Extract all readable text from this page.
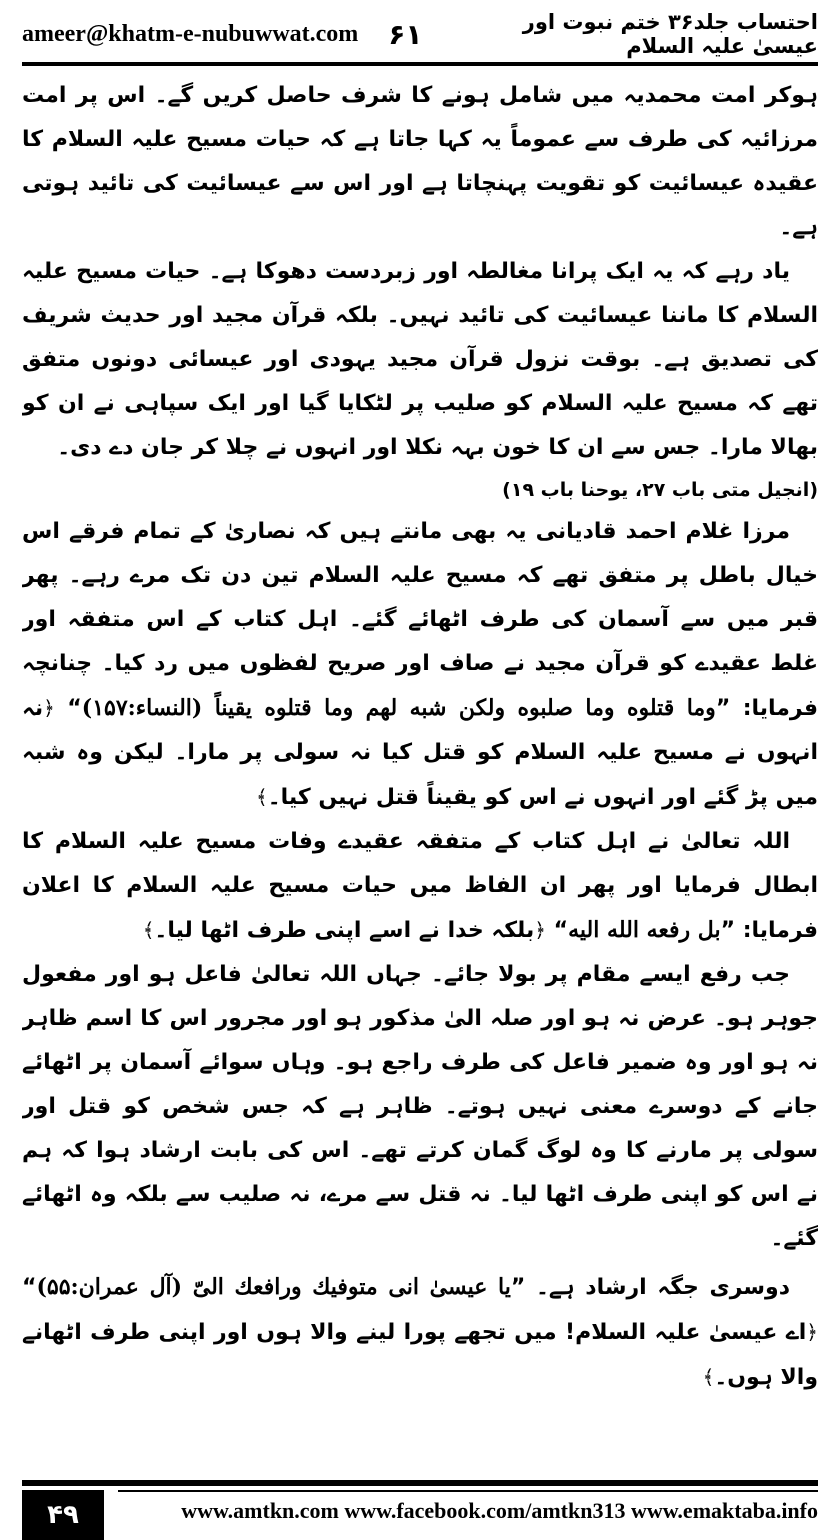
ameer@khatm-e-nubuwwat.com ۶۱	احتساب جلد۳۶ ختم نبوت اور عیسیٰ علیہ السلام

ہوکر امت محمدیہ میں شامل ہونے کا شرف حاصل کریں گے۔ اس پر امت مرزائیہ کی طرف سے عموماً یہ کہا جاتا ہے کہ حیات مسیح علیہ السلام کا عقیدہ عیسائیت کو تقویت پہنچاتا ہے اور اس سے عیسائیت کی تائید ہوتی ہے۔

یاد رہے کہ یہ ایک پرانا مغالطہ اور زبردست دھوکا ہے۔ حیات مسیح علیہ السلام کا ماننا عیسائیت کی تائید نہیں۔ بلکہ قرآن مجید اور حدیث شریف کی تصدیق ہے۔ بوقت نزول قرآن مجید یہودی اور عیسائی دونوں متفق تھے کہ مسیح علیہ السلام کو صلیب پر لٹکایا گیا اور ایک سپاہی نے ان کو بھالا مارا۔ جس سے ان کا خون بہہ نکلا اور انہوں نے چلا کر جان دے دی۔

(انجیل متی باب ۲۷، یوحنا باب ۱۹)

مرزا غلام احمد قادیانی یہ بھی مانتے ہیں کہ نصاریٰ کے تمام فرقے اس خیال باطل پر متفق تھے کہ مسیح علیہ السلام تین دن تک مرے رہے۔ پھر قبر میں سے آسمان کی طرف اٹھائے گئے۔ اہل کتاب کے اس متفقہ اور غلط عقیدے کو قرآن مجید نے صاف اور صریح لفظوں میں رد کیا۔ چنانچہ فرمایا: ”وما قتلوه وما صلبوه ولكن شبه لهم وما قتلوه يقيناً (النساء:۱۵۷)“ ﴿نہ انہوں نے مسیح علیہ السلام کو قتل کیا نہ سولی پر مارا۔ لیکن وہ شبہ میں پڑ گئے اور انہوں نے اس کو یقیناً قتل نہیں کیا۔﴾

اللہ تعالیٰ نے اہل کتاب کے متفقہ عقیدے وفات مسیح علیہ السلام کا ابطال فرمایا اور پھر ان الفاظ میں حیات مسیح علیہ السلام کا اعلان فرمایا: ”بل رفعه الله اليه“ ﴿بلکہ خدا نے اسے اپنی طرف اٹھا لیا۔﴾

جب رفع ایسے مقام پر بولا جائے۔ جہاں اللہ تعالیٰ فاعل ہو اور مفعول جوہر ہو۔ عرض نہ ہو اور صلہ الیٰ مذکور ہو اور مجرور اس کا اسم ظاہر نہ ہو اور وہ ضمیر فاعل کی طرف راجع ہو۔ وہاں سوائے آسمان پر اٹھائے جانے کے دوسرے معنی نہیں ہوتے۔ ظاہر ہے کہ جس شخص کو قتل اور سولی پر مارنے کا وہ لوگ گمان کرتے تھے۔ اس کی بابت ارشاد ہوا کہ ہم نے اس کو اپنی طرف اٹھا لیا۔ نہ قتل سے مرے، نہ صلیب سے بلکہ وہ اٹھائے گئے۔

دوسری جگہ ارشاد ہے۔ ”يا عيسىٰ انى متوفيك ورافعك الىّ (آل عمران:۵۵)“ ﴿اے عیسیٰ علیہ السلام! میں تجھے پورا لینے والا ہوں اور اپنی طرف اٹھانے والا ہوں۔﴾

۴۹	www.amtkn.com www.facebook.com/amtkn313 www.emaktaba.info
